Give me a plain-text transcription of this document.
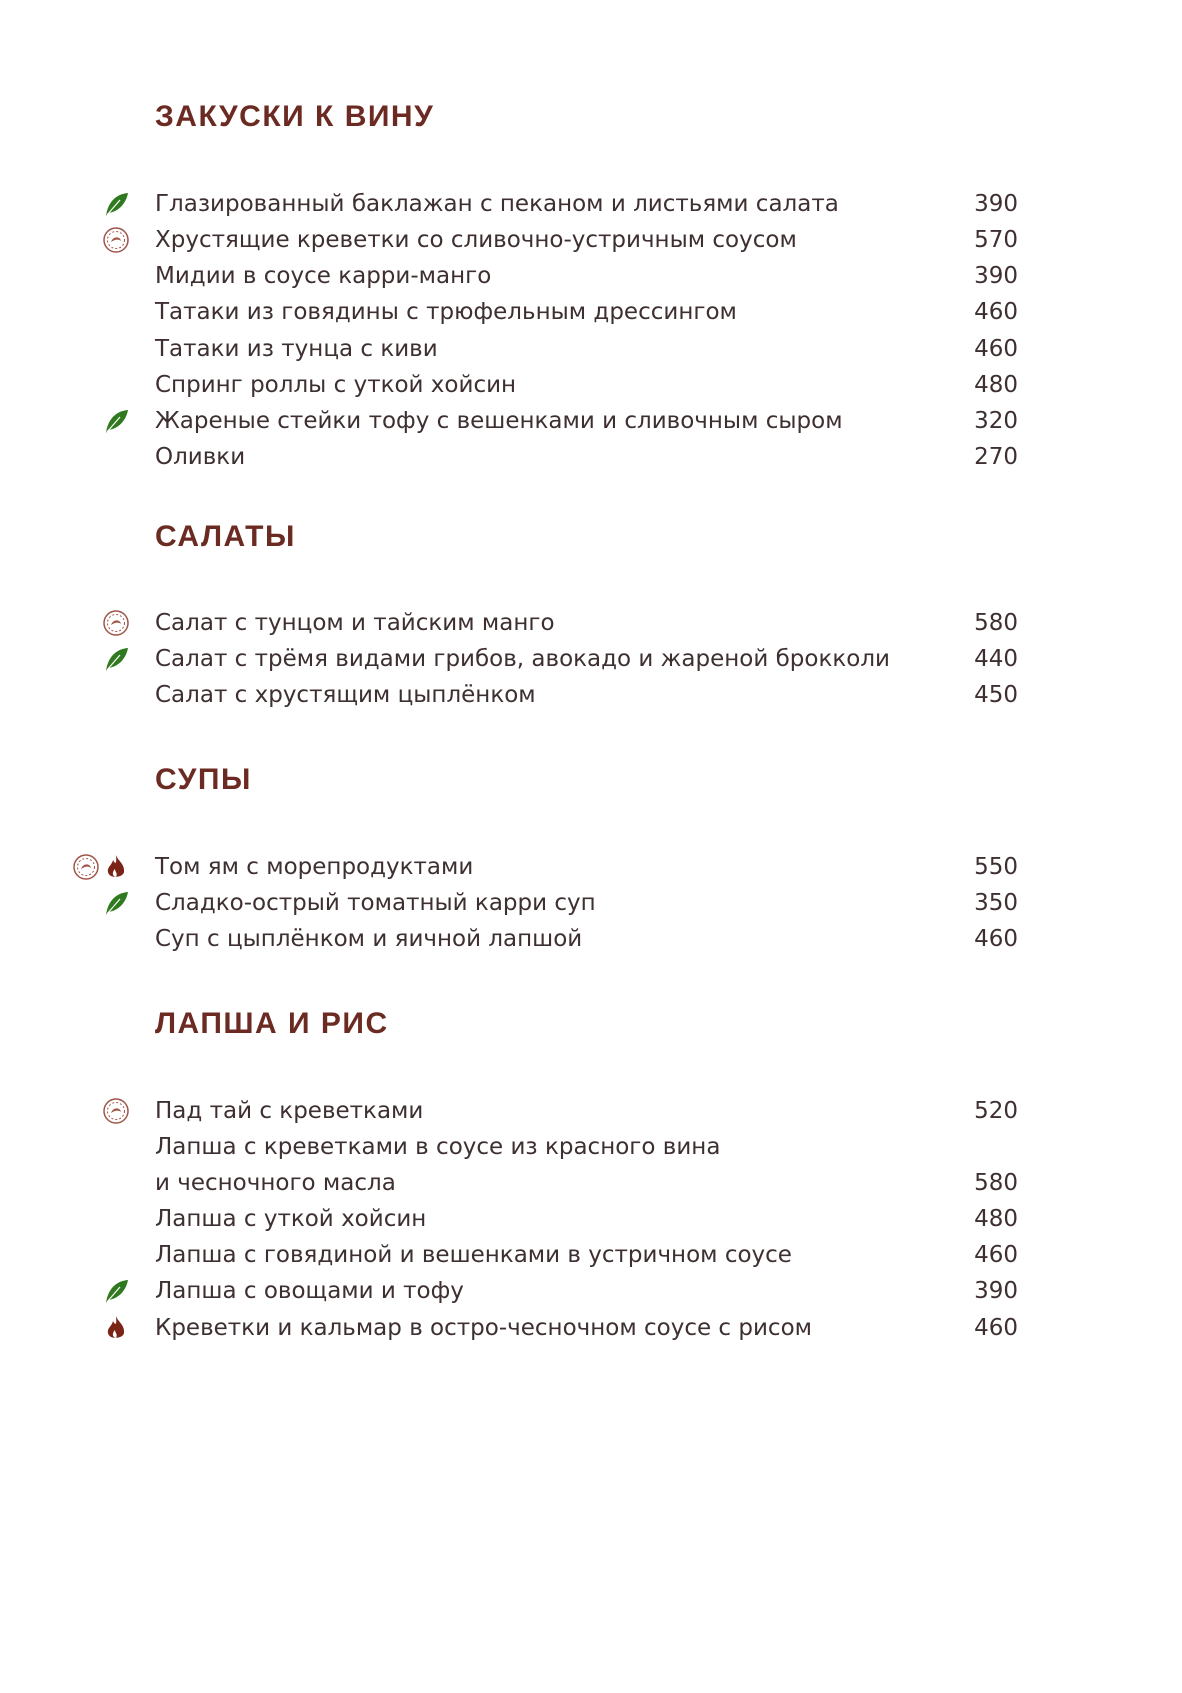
ЗАКУСКИ К ВИНУ
Глазированный баклажан с пеканом и листьями салата	390
Хрустящие креветки со сливочно-устричным соусом	570
Мидии в соусе карри-манго	390
Татаки из говядины с трюфельным дрессингом	460
Татаки из тунца с киви	460
Спринг роллы с уткой хойсин	480
Жареные стейки тофу с вешенками и сливочным сыром	320
Оливки	270
САЛАТЫ
Салат с тунцом и тайским манго	580
Салат с трёмя видами грибов, авокадо и жареной брокколи	440
Салат с хрустящим цыплёнком	450
СУПЫ
Том ям с морепродуктами	550
Сладко-острый томатный карри суп	350
Суп с цыплёнком и яичной лапшой	460
ЛАПША И РИС
Пад тай с креветками	520
Лапша с креветками в соусе из красного вина
и чесночного масла	580
Лапша с уткой хойсин	480
Лапша с говядиной и вешенками в устричном соусе	460
Лапша с овощами и тофу	390
Креветки и кальмар в остро-чесночном соусе с рисом	460
